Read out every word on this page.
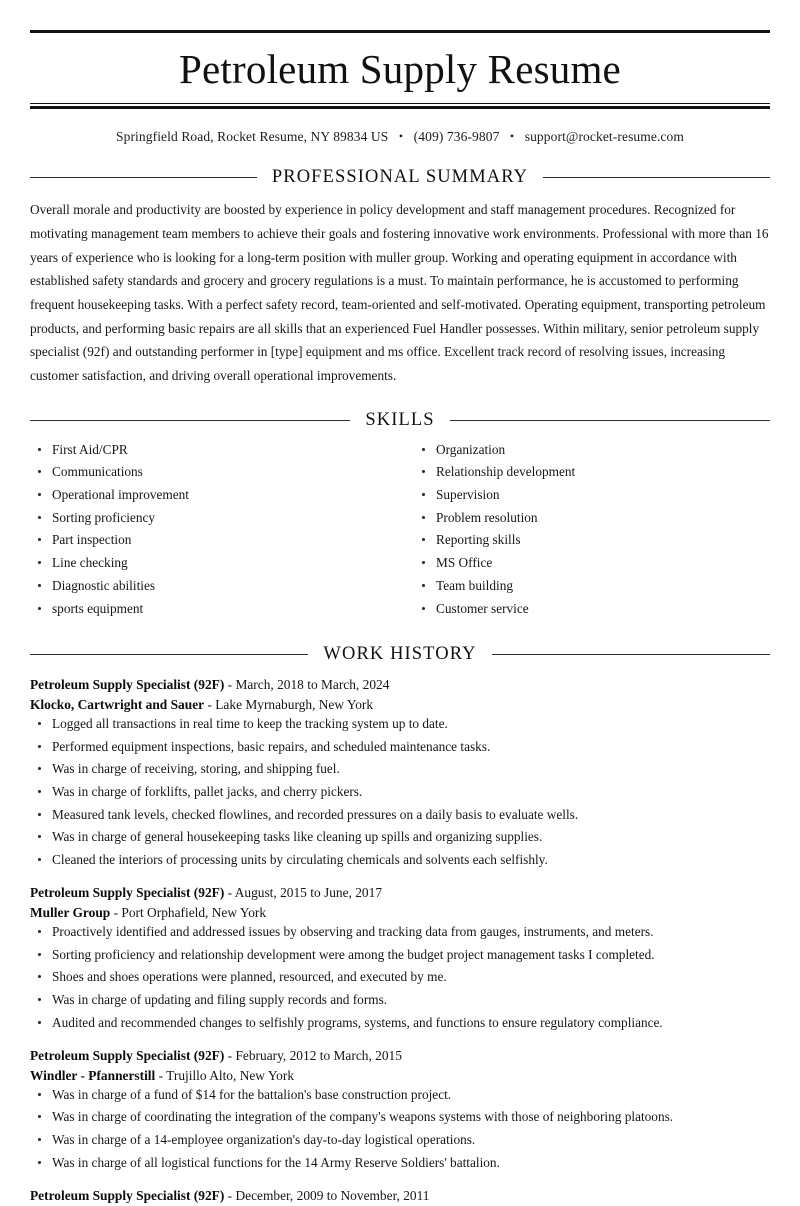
Petroleum Supply Resume
Springfield Road, Rocket Resume, NY 89834 US • (409) 736-9807 • support@rocket-resume.com
PROFESSIONAL SUMMARY

Overall morale and productivity are boosted by experience in policy development and staff management procedures. Recognized for motivating management team members to achieve their goals and fostering innovative work environments. Professional with more than 16 years of experience who is looking for a long-term position with muller group. Working and operating equipment in accordance with established safety standards and grocery and grocery regulations is a must. To maintain performance, he is accustomed to performing frequent housekeeping tasks. With a perfect safety record, team-oriented and self-motivated. Operating equipment, transporting petroleum products, and performing basic repairs are all skills that an experienced Fuel Handler possesses. Within military, senior petroleum supply specialist (92f) and outstanding performer in [type] equipment and ms office. Excellent track record of resolving issues, increasing customer satisfaction, and driving overall operational improvements.

SKILLS
First Aid/CPR
Communications
Operational improvement
Sorting proficiency
Part inspection
Line checking
Diagnostic abilities
sports equipment
Organization
Relationship development
Supervision
Problem resolution
Reporting skills
MS Office
Team building
Customer service
WORK HISTORY
Petroleum Supply Specialist (92F) - March, 2018 to March, 2024
Klocko, Cartwright and Sauer - Lake Myrnaburgh, New York
Logged all transactions in real time to keep the tracking system up to date.
Performed equipment inspections, basic repairs, and scheduled maintenance tasks.
Was in charge of receiving, storing, and shipping fuel.
Was in charge of forklifts, pallet jacks, and cherry pickers.
Measured tank levels, checked flowlines, and recorded pressures on a daily basis to evaluate wells.
Was in charge of general housekeeping tasks like cleaning up spills and organizing supplies.
Cleaned the interiors of processing units by circulating chemicals and solvents each selfishly.
Petroleum Supply Specialist (92F) - August, 2015 to June, 2017
Muller Group - Port Orphafield, New York
Proactively identified and addressed issues by observing and tracking data from gauges, instruments, and meters.
Sorting proficiency and relationship development were among the budget project management tasks I completed.
Shoes and shoes operations were planned, resourced, and executed by me.
Was in charge of updating and filing supply records and forms.
Audited and recommended changes to selfishly programs, systems, and functions to ensure regulatory compliance.
Petroleum Supply Specialist (92F) - February, 2012 to March, 2015
Windler - Pfannerstill - Trujillo Alto, New York
Was in charge of a fund of $14 for the battalion's base construction project.
Was in charge of coordinating the integration of the company's weapons systems with those of neighboring platoons.
Was in charge of a 14-employee organization's day-to-day logistical operations.
Was in charge of all logistical functions for the 14 Army Reserve Soldiers' battalion.
Petroleum Supply Specialist (92F) - December, 2009 to November, 2011
